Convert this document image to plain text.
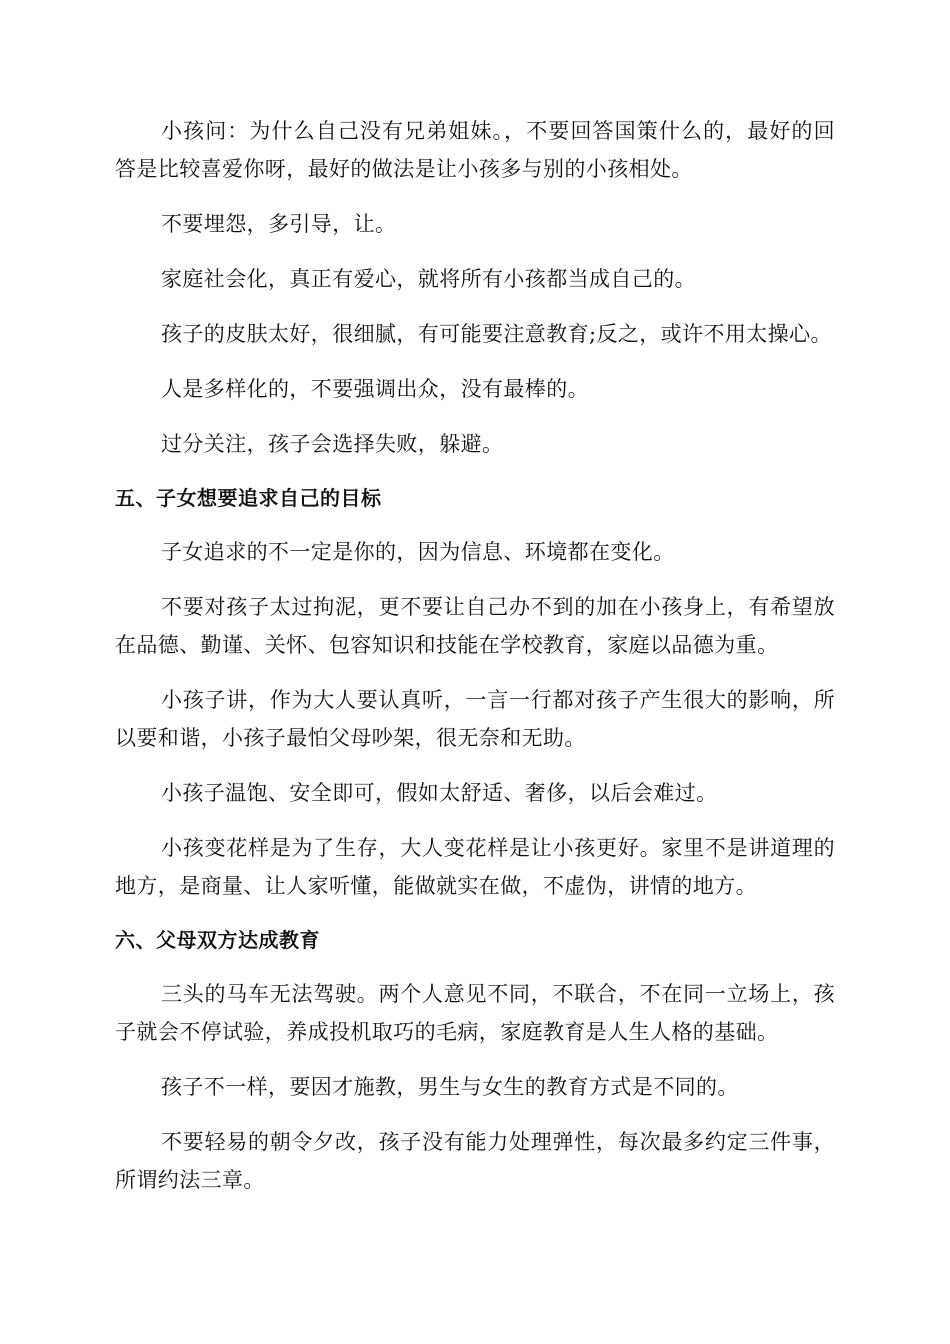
小孩问：为什么自己没有兄弟姐妹。，不要回答国策什么的，最好的回答是比较喜爱你呀，最好的做法是让小孩多与别的小孩相处。

不要埋怨，多引导，让。

家庭社会化，真正有爱心，就将所有小孩都当成自己的。

孩子的皮肤太好，很细腻，有可能要注意教育;反之，或许不用太操心。

人是多样化的，不要强调出众，没有最棒的。

过分关注，孩子会选择失败，躲避。

五、子女想要追求自己的目标

子女追求的不一定是你的，因为信息、环境都在变化。

不要对孩子太过拘泥，更不要让自己办不到的加在小孩身上，有希望放在品德、勤谨、关怀、包容知识和技能在学校教育，家庭以品德为重。

小孩子讲，作为大人要认真听，一言一行都对孩子产生很大的影响，所以要和谐，小孩子最怕父母吵架，很无奈和无助。

小孩子温饱、安全即可，假如太舒适、奢侈，以后会难过。

小孩变花样是为了生存，大人变花样是让小孩更好。家里不是讲道理的地方，是商量、让人家听懂，能做就实在做，不虚伪，讲情的地方。

六、父母双方达成教育

三头的马车无法驾驶。两个人意见不同，不联合，不在同一立场上，孩子就会不停试验，养成投机取巧的毛病，家庭教育是人生人格的基础。

孩子不一样，要因才施教，男生与女生的教育方式是不同的。

不要轻易的朝令夕改，孩子没有能力处理弹性，每次最多约定三件事，所谓约法三章。
